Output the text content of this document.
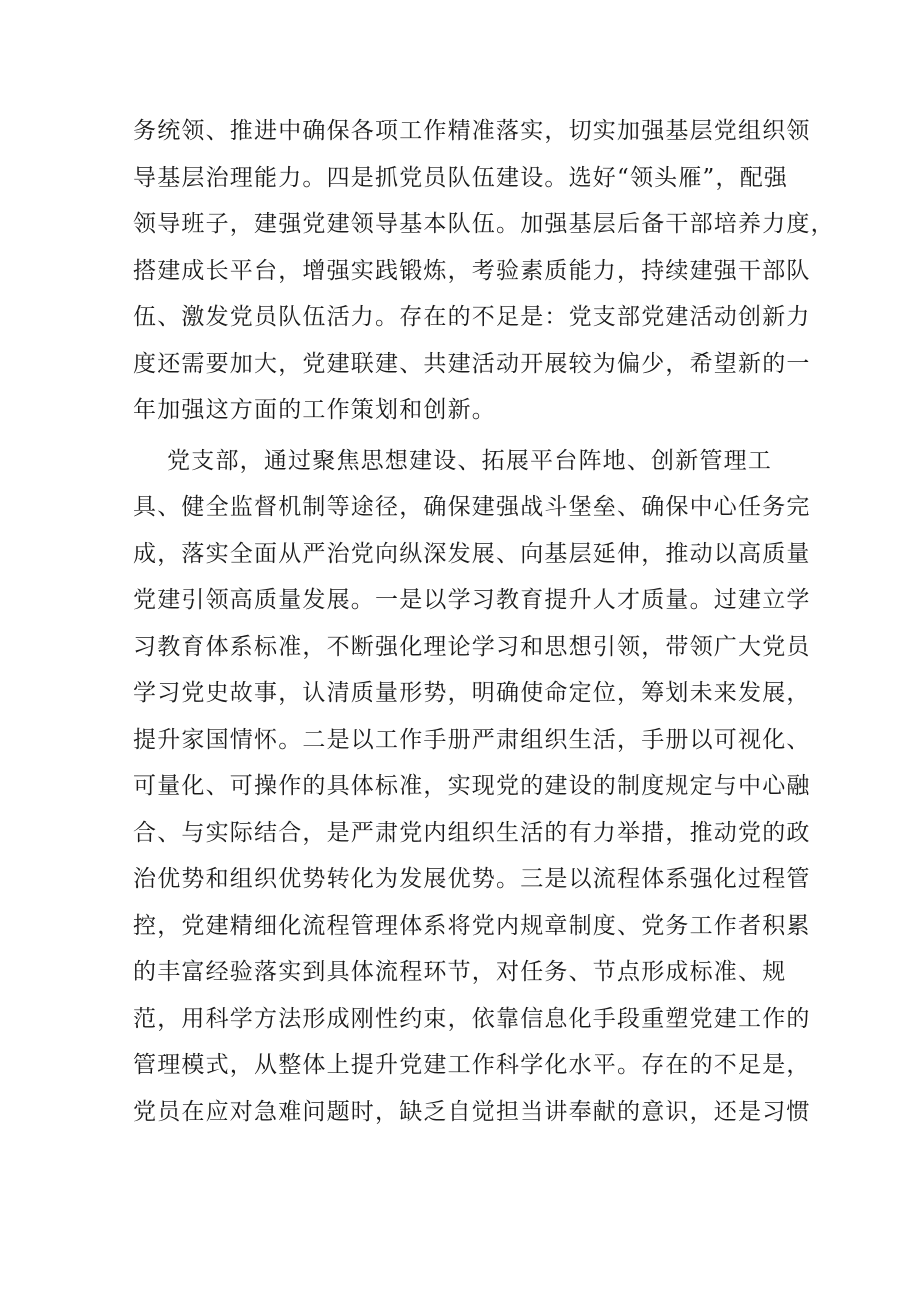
务统领、推进中确保各项工作精准落实，切实加强基层党组织领
导基层治理能力。四是抓党员队伍建设。选好“领头雁”，配强
领导班子，建强党建领导基本队伍。加强基层后备干部培养力度，
搭建成长平台，增强实践锻炼，考验素质能力，持续建强干部队
伍、激发党员队伍活力。存在的不足是：党支部党建活动创新力
度还需要加大，党建联建、共建活动开展较为偏少，希望新的一
年加强这方面的工作策划和创新。
党支部，通过聚焦思想建设、拓展平台阵地、创新管理工
具、健全监督机制等途径，确保建强战斗堡垒、确保中心任务完
成，落实全面从严治党向纵深发展、向基层延伸，推动以高质量
党建引领高质量发展。一是以学习教育提升人才质量。过建立学
习教育体系标准，不断强化理论学习和思想引领，带领广大党员
学习党史故事，认清质量形势，明确使命定位，筹划未来发展，
提升家国情怀。二是以工作手册严肃组织生活，手册以可视化、
可量化、可操作的具体标准，实现党的建设的制度规定与中心融
合、与实际结合，是严肃党内组织生活的有力举措，推动党的政
治优势和组织优势转化为发展优势。三是以流程体系强化过程管
控，党建精细化流程管理体系将党内规章制度、党务工作者积累
的丰富经验落实到具体流程环节，对任务、节点形成标准、规
范，用科学方法形成刚性约束，依靠信息化手段重塑党建工作的
管理模式，从整体上提升党建工作科学化水平。存在的不足是，
党员在应对急难问题时，缺乏自觉担当讲奉献的意识，还是习惯
